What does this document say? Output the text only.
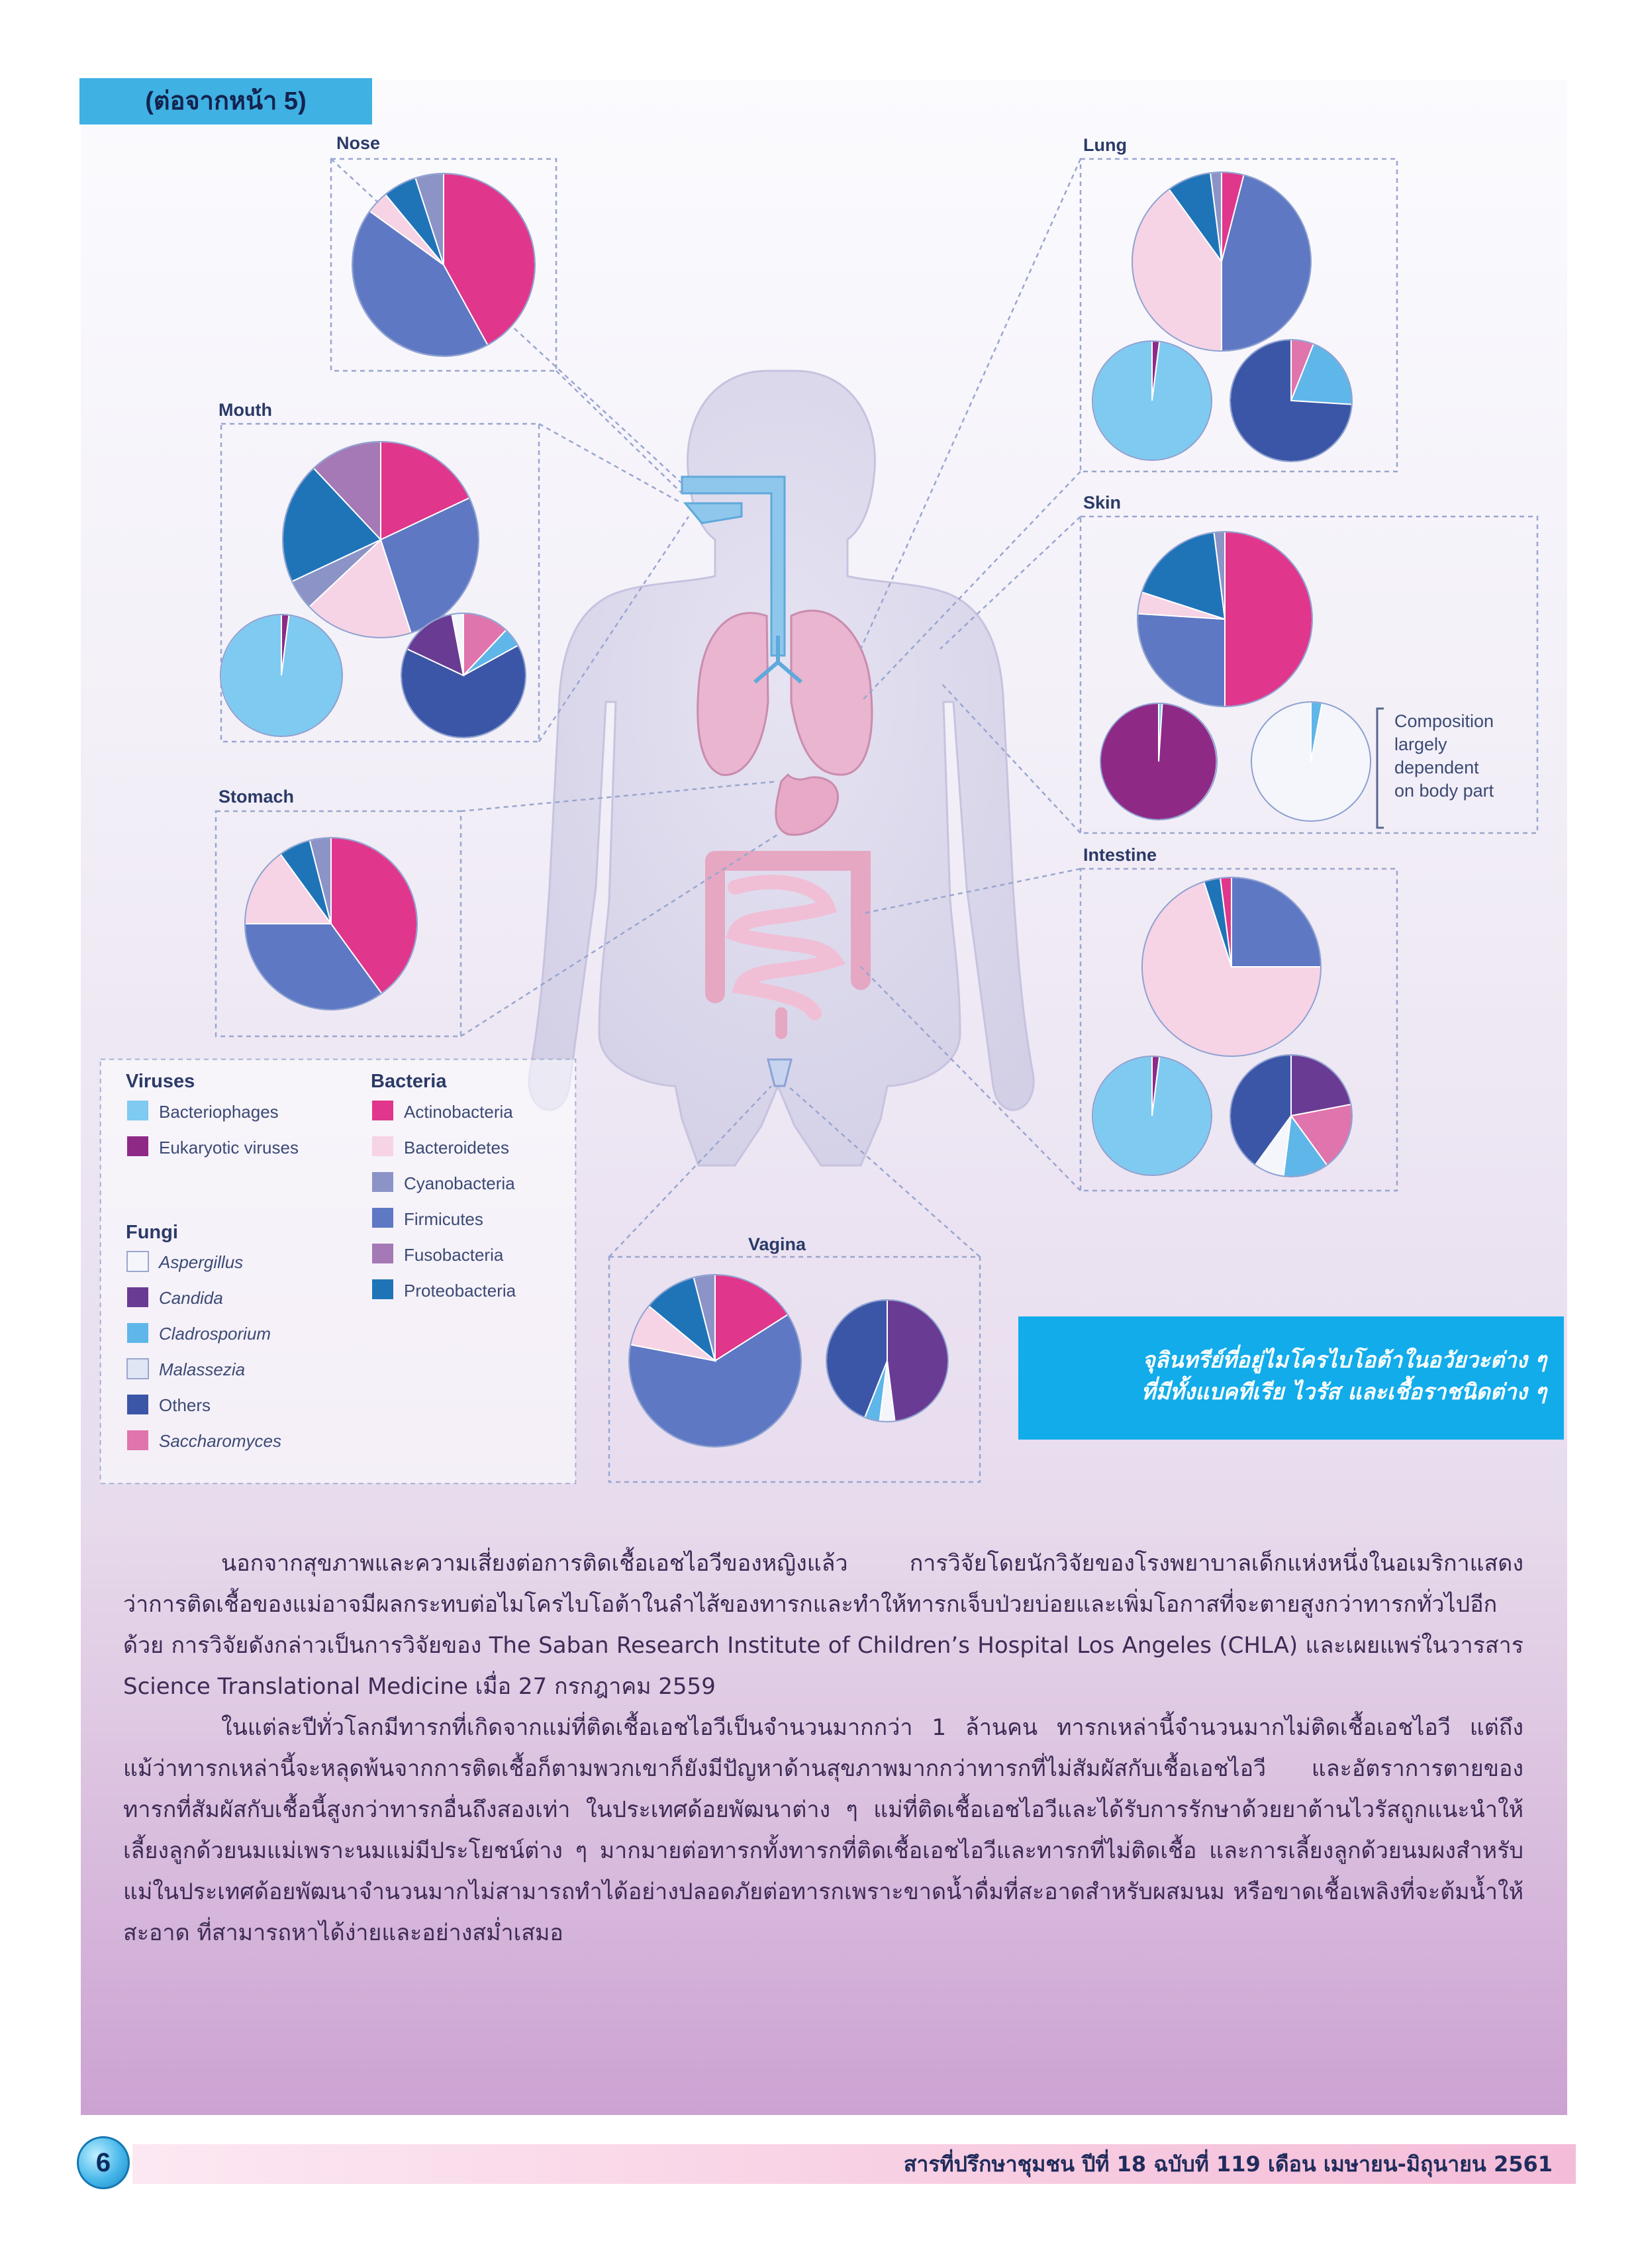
Nose
Mouth
Stomach
Lung
Skin
Intestine
Vagina
Composition
largely
dependent
on body part
Viruses
Bacteriophages
Eukaryotic viruses
Fungi
Aspergillus
Candida
Cladrosporium
Malassezia
Others
Saccharomyces
Bacteria
Actinobacteria
Bacteroidetes
Cyanobacteria
Firmicutes
Fusobacteria
Proteobacteria
(ต่อจากหน้า 5)
จุลินทรีย์ที่อยู่ไมโครไบโอต้าในอวัยวะต่าง ๆ
ที่มีทั้งแบคทีเรีย ไวรัส และเชื้อราชนิดต่าง ๆ

นอกจากสุขภาพและความเสี่ยงต่อการติดเชื้อเอชไอวีของหญิงแล้ว การวิจัยโดยนักวิจัยของโรงพยาบาลเด็กแห่งหนึ่งในอเมริกาแสดงว่าการติดเชื้อของแม่อาจมีผลกระทบต่อไมโครไบโอต้าในลำไส้ของทารกและทำให้ทารกเจ็บป่วยบ่อยและเพิ่มโอกาสที่จะตายสูงกว่าทารกทั่วไปอีกด้วย การวิจัยดังกล่าวเป็นการวิจัยของ The Saban Research Institute of Children’s Hospital Los Angeles (CHLA) และเผยแพร่ในวารสาร Science Translational Medicine เมื่อ 27 กรกฎาคม 2559

ในแต่ละปีทั่วโลกมีทารกที่เกิดจากแม่ที่ติดเชื้อเอชไอวีเป็นจำนวนมากกว่า 1 ล้านคน ทารกเหล่านี้จำนวนมากไม่ติดเชื้อเอชไอวี แต่ถึงแม้ว่าทารกเหล่านี้จะหลุดพ้นจากการติดเชื้อก็ตามพวกเขาก็ยังมีปัญหาด้านสุขภาพมากกว่าทารกที่ไม่สัมผัสกับเชื้อเอชไอวี และอัตราการตายของทารกที่สัมผัสกับเชื้อนี้สูงกว่าทารกอื่นถึงสองเท่า ในประเทศด้อยพัฒนาต่าง ๆ แม่ที่ติดเชื้อเอชไอวีและได้รับการรักษาด้วยยาต้านไวรัสถูกแนะนำให้เลี้ยงลูกด้วยนมแม่เพราะนมแม่มีประโยชน์ต่าง ๆ มากมายต่อทารกทั้งทารกที่ติดเชื้อเอชไอวีและทารกที่ไม่ติดเชื้อ และการเลี้ยงลูกด้วยนมผงสำหรับแม่ในประเทศด้อยพัฒนาจำนวนมากไม่สามารถทำได้อย่างปลอดภัยต่อทารกเพราะขาดน้ำดื่มที่สะอาดสำหรับผสมนม หรือขาดเชื้อเพลิงที่จะต้มน้ำให้สะอาด ที่สามารถหาได้ง่ายและอย่างสม่ำเสมอ

6	สารที่ปรึกษาชุมชน ปีที่ 18 ฉบับที่ 119 เดือน เมษายน-มิถุนายน 2561
